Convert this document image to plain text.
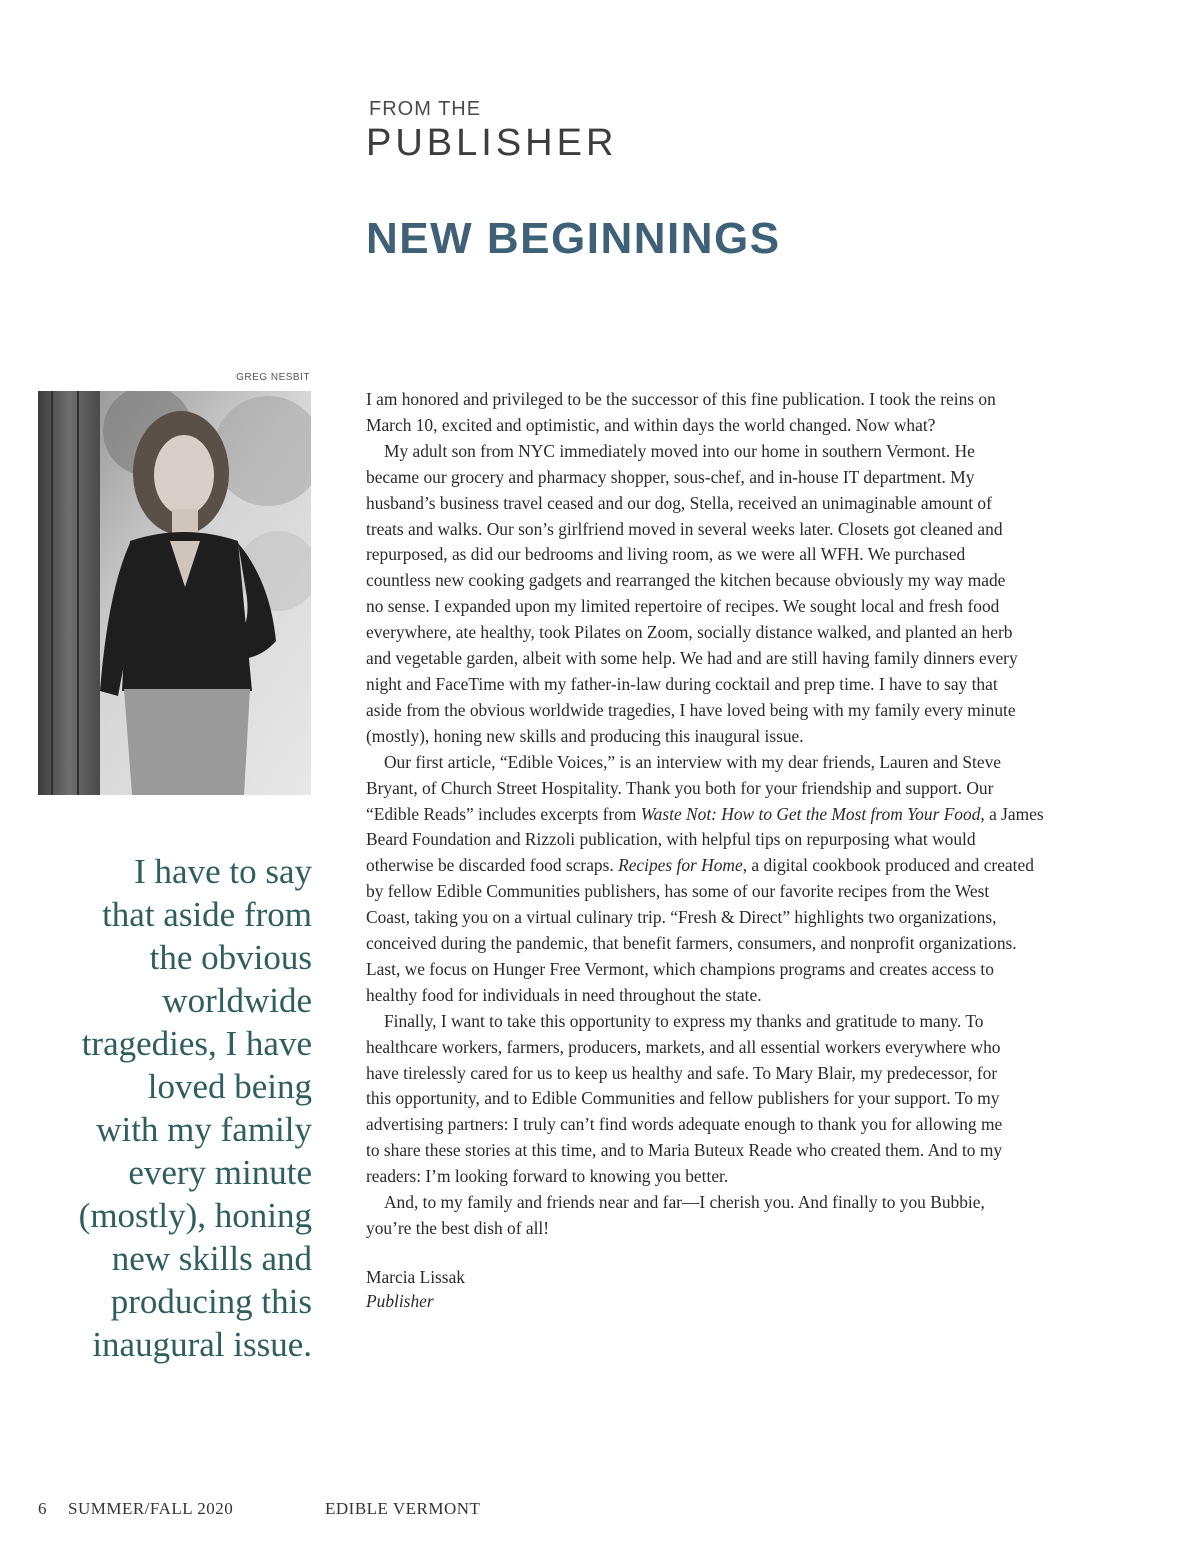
FROM THE
PUBLISHER
NEW BEGINNINGS
GREG NESBIT
I have to say
that aside from
the obvious
worldwide
tragedies, I have
loved being
with my family
every minute
(mostly), honing
new skills and
producing this
inaugural issue.

I am honored and privileged to be the successor of this fine publication. I took the reins on
March 10, excited and optimistic, and within days the world changed. Now what?

My adult son from NYC immediately moved into our home in southern Vermont. He
became our grocery and pharmacy shopper, sous-chef, and in-house IT department. My
husband’s business travel ceased and our dog, Stella, received an unimaginable amount of
treats and walks. Our son’s girlfriend moved in several weeks later. Closets got cleaned and
repurposed, as did our bedrooms and living room, as we were all WFH. We purchased
countless new cooking gadgets and rearranged the kitchen because obviously my way made
no sense. I expanded upon my limited repertoire of recipes. We sought local and fresh food
everywhere, ate healthy, took Pilates on Zoom, socially distance walked, and planted an herb
and vegetable garden, albeit with some help. We had and are still having family dinners every
night and FaceTime with my father-in-law during cocktail and prep time. I have to say that
aside from the obvious worldwide tragedies, I have loved being with my family every minute
(mostly), honing new skills and producing this inaugural issue.

Our first article, “Edible Voices,” is an interview with my dear friends, Lauren and Steve
Bryant, of Church Street Hospitality. Thank you both for your friendship and support. Our
“Edible Reads” includes excerpts from Waste Not: How to Get the Most from Your Food, a James
Beard Foundation and Rizzoli publication, with helpful tips on repurposing what would
otherwise be discarded food scraps. Recipes for Home, a digital cookbook produced and created
by fellow Edible Communities publishers, has some of our favorite recipes from the West
Coast, taking you on a virtual culinary trip. “Fresh & Direct” highlights two organizations,
conceived during the pandemic, that benefit farmers, consumers, and nonprofit organizations.
Last, we focus on Hunger Free Vermont, which champions programs and creates access to
healthy food for individuals in need throughout the state.

Finally, I want to take this opportunity to express my thanks and gratitude to many. To
healthcare workers, farmers, producers, markets, and all essential workers everywhere who
have tirelessly cared for us to keep us healthy and safe. To Mary Blair, my predecessor, for
this opportunity, and to Edible Communities and fellow publishers for your support. To my
advertising partners: I truly can’t find words adequate enough to thank you for allowing me
to share these stories at this time, and to Maria Buteux Reade who created them. And to my
readers: I’m looking forward to knowing you better.

And, to my family and friends near and far—I cherish you. And finally to you Bubbie,
you’re the best dish of all!

Marcia Lissak
Publisher
6 SUMMER/FALL 2020	EDIBLE VERMONT
